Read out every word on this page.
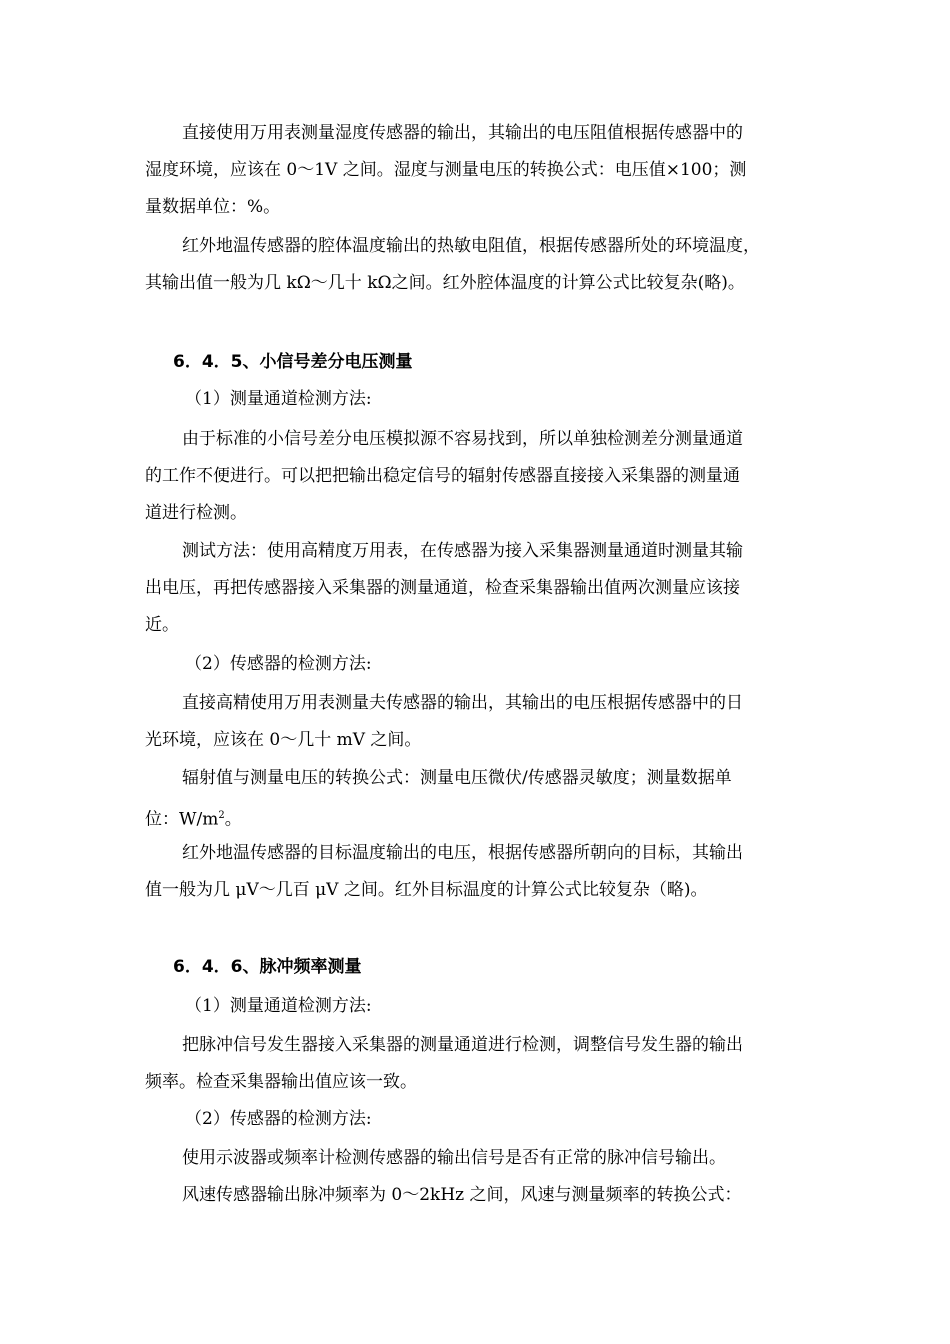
直接使用万用表测量湿度传感器的输出，其输出的电压阻值根据传感器中的
湿度环境，应该在 0～1V 之间。湿度与测量电压的转换公式：电压值×100；测
量数据单位：%。

红外地温传感器的腔体温度输出的热敏电阻值，根据传感器所处的环境温度，
其输出值一般为几 kΩ～几十 kΩ之间。红外腔体温度的计算公式比较复杂(略)。

6．4．5、小信号差分电压测量

（1）测量通道检测方法:

由于标准的小信号差分电压模拟源不容易找到，所以单独检测差分测量通道
的工作不便进行。可以把把输出稳定信号的辐射传感器直接接入采集器的测量通
道进行检测。

测试方法：使用高精度万用表，在传感器为接入采集器测量通道时测量其输
出电压，再把传感器接入采集器的测量通道，检查采集器输出值两次测量应该接
近。

（2）传感器的检测方法:

直接高精使用万用表测量夫传感器的输出，其输出的电压根据传感器中的日
光环境，应该在 0～几十 mV 之间。

辐射值与测量电压的转换公式：测量电压微伏/传感器灵敏度；测量数据单
位：$W/m^2$。

红外地温传感器的目标温度输出的电压，根据传感器所朝向的目标，其输出
值一般为几 μV～几百 μV 之间。红外目标温度的计算公式比较复杂（略)。

6．4．6、脉冲频率测量

（1）测量通道检测方法:

把脉冲信号发生器接入采集器的测量通道进行检测，调整信号发生器的输出
频率。检查采集器输出值应该一致。

（2）传感器的检测方法:

使用示波器或频率计检测传感器的输出信号是否有正常的脉冲信号输出。

风速传感器输出脉冲频率为 0～2kHz 之间，风速与测量频率的转换公式：
